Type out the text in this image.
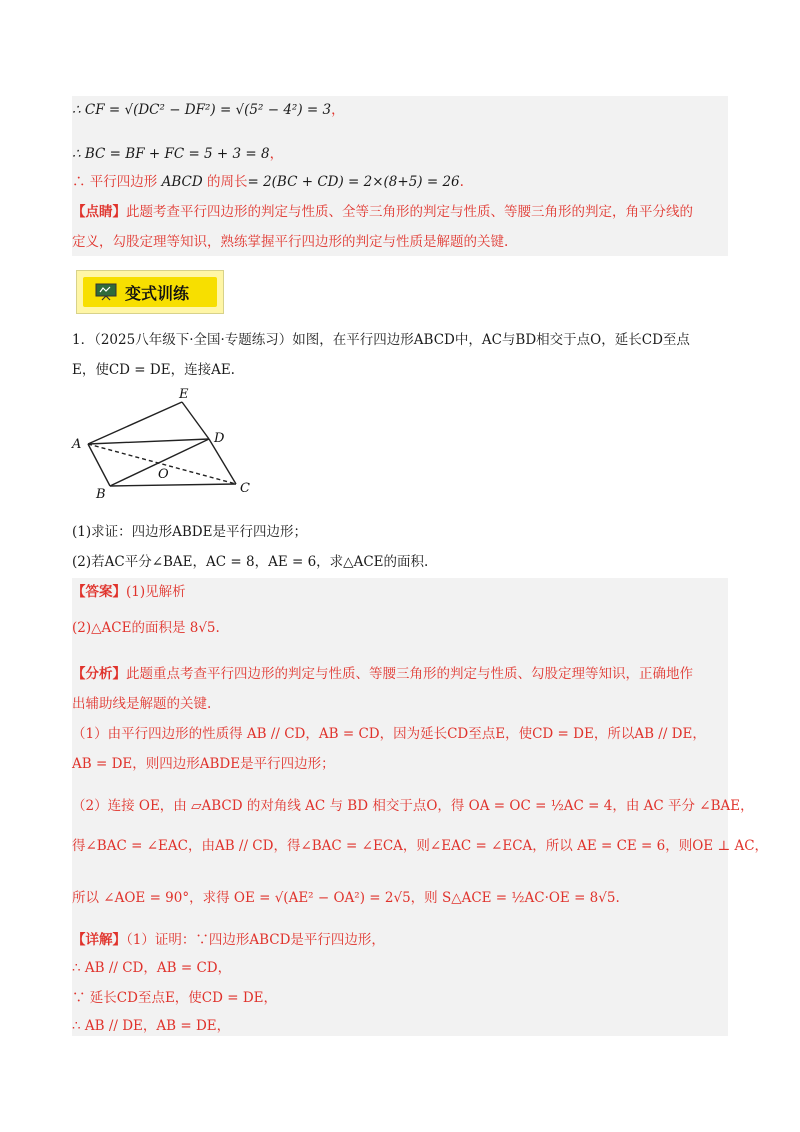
∴ CF = √(DC² − DF²) = √(5² − 4²) = 3，
∴ BC = BF + FC = 5 + 3 = 8，
∴ 平行四边形 ABCD 的周长= 2(BC + CD) = 2×(8+5) = 26.
【点睛】此题考查平行四边形的判定与性质、全等三角形的判定与性质、等腰三角形的判定，角平分线的
定义，勾股定理等知识，熟练掌握平行四边形的判定与性质是解题的关键.
变式训练
1．（2025八年级下·全国·专题练习）如图，在平行四边形ABCD中，AC与BD相交于点O，延长CD至点
E，使CD = DE，连接AE.
A
B	C
D
E
O
(1)求证：四边形ABDE是平行四边形；
(2)若AC平分∠BAE，AC = 8，AE = 6，求△ACE的面积.
【答案】(1)见解析
(2)△ACE的面积是 8√5.
【分析】此题重点考查平行四边形的判定与性质、等腰三角形的判定与性质、勾股定理等知识，正确地作
出辅助线是解题的关键.
（1）由平行四边形的性质得 AB // CD，AB = CD，因为延长CD至点E，使CD = DE，所以AB // DE，
AB = DE，则四边形ABDE是平行四边形；
（2）连接 OE，由 ▱ABCD 的对角线 AC 与 BD 相交于点O，得 OA = OC = ½AC = 4，由 AC 平分 ∠BAE，
得∠BAC = ∠EAC，由AB // CD，得∠BAC = ∠ECA，则∠EAC = ∠ECA，所以 AE = CE = 6，则OE ⊥ AC，
所以 ∠AOE = 90°，求得 OE = √(AE² − OA²) = 2√5，则 S△ACE = ½AC·OE = 8√5.
【详解】（1）证明：∵四边形ABCD是平行四边形，
∴ AB // CD，AB = CD，
∵ 延长CD至点E，使CD = DE，
∴ AB // DE，AB = DE，
